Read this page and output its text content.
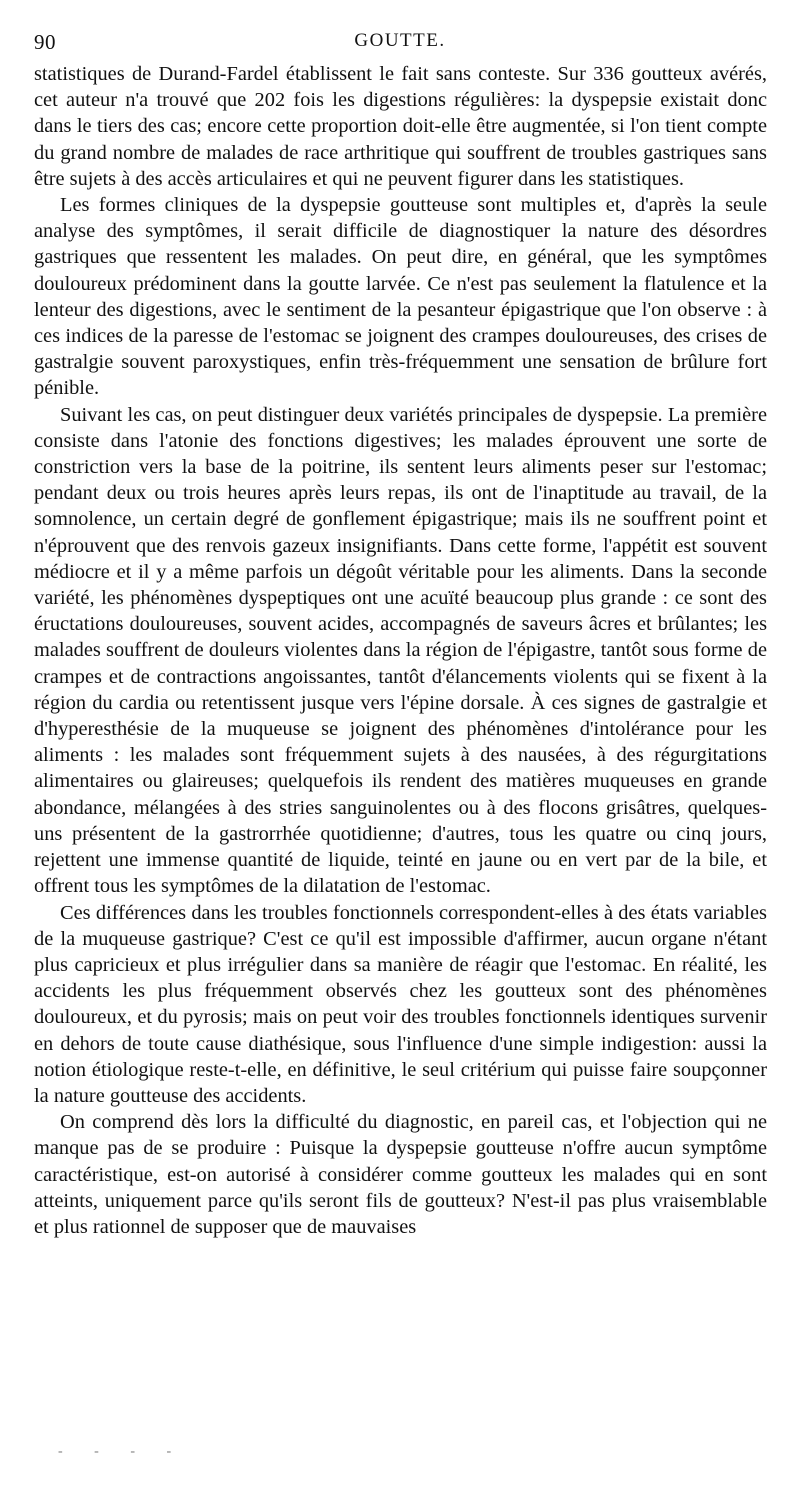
90	GOUTTE.

statistiques de Durand-Fardel établissent le fait sans conteste. Sur 336 goutteux avérés, cet auteur n'a trouvé que 202 fois les digestions régulières: la dyspepsie existait donc dans le tiers des cas; encore cette proportion doit-elle être augmentée, si l'on tient compte du grand nombre de malades de race arthritique qui souffrent de troubles gastriques sans être sujets à des accès articulaires et qui ne peuvent figurer dans les statistiques.

Les formes cliniques de la dyspepsie goutteuse sont multiples et, d'après la seule analyse des symptômes, il serait difficile de diagnostiquer la nature des désordres gastriques que ressentent les malades. On peut dire, en général, que les symptômes douloureux prédominent dans la goutte larvée. Ce n'est pas seulement la flatulence et la lenteur des digestions, avec le sentiment de la pesanteur épigastrique que l'on observe : à ces indices de la paresse de l'estomac se joignent des crampes douloureuses, des crises de gastralgie souvent paroxystiques, enfin très-fréquemment une sensation de brûlure fort pénible.

Suivant les cas, on peut distinguer deux variétés principales de dyspepsie. La première consiste dans l'atonie des fonctions digestives; les malades éprouvent une sorte de constriction vers la base de la poitrine, ils sentent leurs aliments peser sur l'estomac; pendant deux ou trois heures après leurs repas, ils ont de l'inaptitude au travail, de la somnolence, un certain degré de gonflement épigastrique; mais ils ne souffrent point et n'éprouvent que des renvois gazeux insignifiants. Dans cette forme, l'appétit est souvent médiocre et il y a même parfois un dégoût véritable pour les aliments. Dans la seconde variété, les phénomènes dyspeptiques ont une acuïté beaucoup plus grande : ce sont des éructations douloureuses, souvent acides, accompagnés de saveurs âcres et brûlantes; les malades souffrent de douleurs violentes dans la région de l'épigastre, tantôt sous forme de crampes et de contractions angoissantes, tantôt d'élancements violents qui se fixent à la région du cardia ou retentissent jusque vers l'épine dorsale. À ces signes de gastralgie et d'hyperesthésie de la muqueuse se joignent des phénomènes d'intolérance pour les aliments : les malades sont fréquemment sujets à des nausées, à des régurgitations alimentaires ou glaireuses; quelquefois ils rendent des matières muqueuses en grande abondance, mélangées à des stries sanguinolentes ou à des flocons grisâtres, quelques-uns présentent de la gastrorrhée quotidienne; d'autres, tous les quatre ou cinq jours, rejettent une immense quantité de liquide, teinté en jaune ou en vert par de la bile, et offrent tous les symptômes de la dilatation de l'estomac.

Ces différences dans les troubles fonctionnels correspondent-elles à des états variables de la muqueuse gastrique? C'est ce qu'il est impossible d'affirmer, aucun organe n'étant plus capricieux et plus irrégulier dans sa manière de réagir que l'estomac. En réalité, les accidents les plus fréquemment observés chez les goutteux sont des phénomènes douloureux, et du pyrosis; mais on peut voir des troubles fonctionnels identiques survenir en dehors de toute cause diathésique, sous l'influence d'une simple indigestion: aussi la notion étiologique reste-t-elle, en définitive, le seul critérium qui puisse faire soupçonner la nature goutteuse des accidents.

On comprend dès lors la difficulté du diagnostic, en pareil cas, et l'objection qui ne manque pas de se produire : Puisque la dyspepsie goutteuse n'offre aucun symptôme caractéristique, est-on autorisé à considérer comme goutteux les malades qui en sont atteints, uniquement parce qu'ils seront fils de goutteux? N'est-il pas plus vraisemblable et plus rationnel de supposer que de mauvaises

- - - -
